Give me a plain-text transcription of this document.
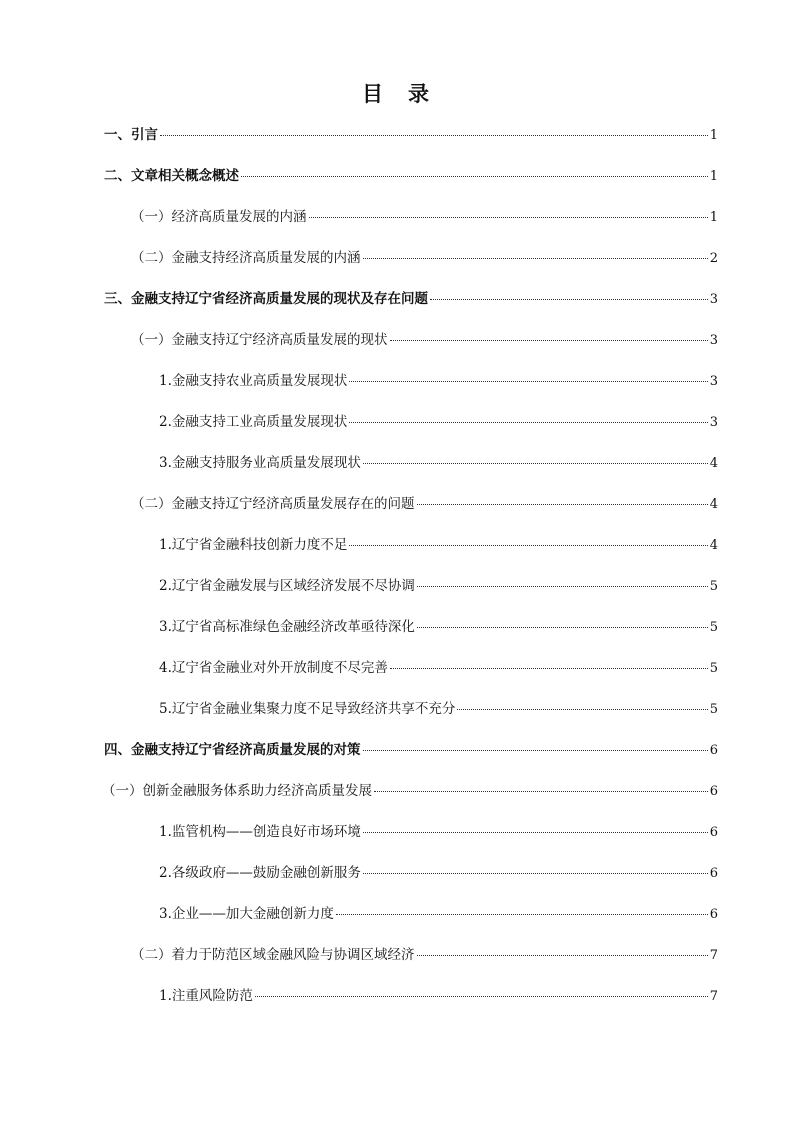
目　录
一、引言	1
二、文章相关概念概述	1
（一）经济高质量发展的内涵	1
（二）金融支持经济高质量发展的内涵	2
三、金融支持辽宁省经济高质量发展的现状及存在问题	3
（一）金融支持辽宁经济高质量发展的现状	3
1.金融支持农业高质量发展现状	3
2.金融支持工业高质量发展现状	3
3.金融支持服务业高质量发展现状	4
（二）金融支持辽宁经济高质量发展存在的问题	4
1.辽宁省金融科技创新力度不足	4
2.辽宁省金融发展与区域经济发展不尽协调	5
3.辽宁省高标准绿色金融经济改革亟待深化	5
4.辽宁省金融业对外开放制度不尽完善	5
5.辽宁省金融业集聚力度不足导致经济共享不充分	5
四、金融支持辽宁省经济高质量发展的对策	6
（一）创新金融服务体系助力经济高质量发展	6
1.监管机构——创造良好市场环境	6
2.各级政府——鼓励金融创新服务	6
3.企业——加大金融创新力度	6
（二）着力于防范区域金融风险与协调区域经济	7
1.注重风险防范	7
